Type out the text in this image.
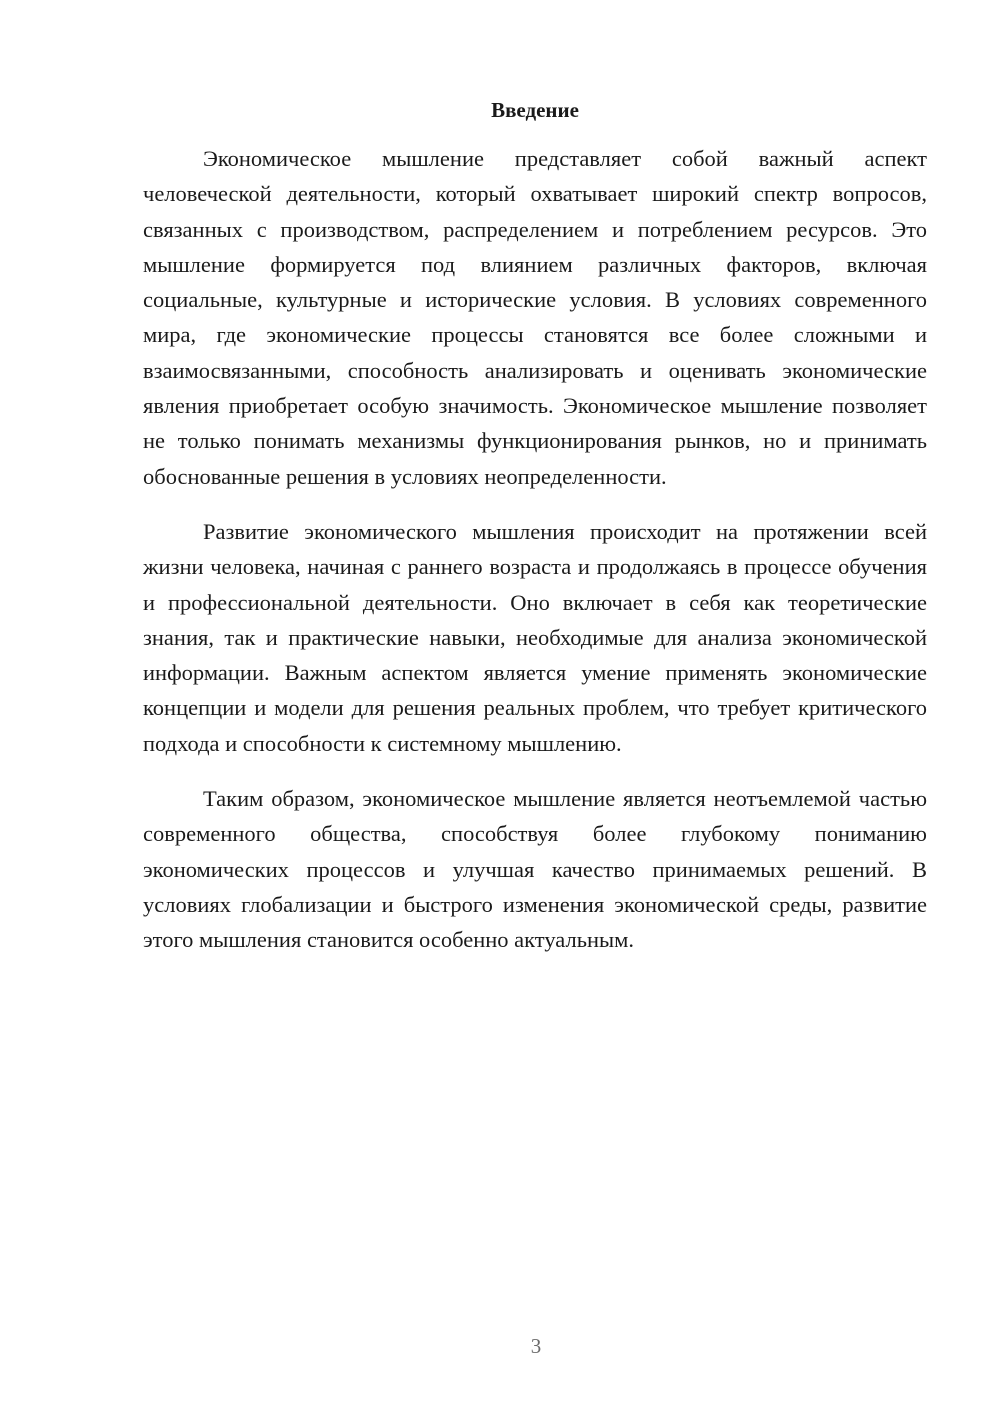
Введение

Экономическое мышление представляет собой важный аспект человеческой деятельности, который охватывает широкий спектр вопросов, связанных с производством, распределением и потреблением ресурсов. Это мышление формируется под влиянием различных факторов, включая социальные, культурные и исторические условия. В условиях современного мира, где экономические процессы становятся все более сложными и взаимосвязанными, способность анализировать и оценивать экономические явления приобретает особую значимость. Экономическое мышление позволяет не только понимать механизмы функционирования рынков, но и принимать обоснованные решения в условиях неопределенности.

Развитие экономического мышления происходит на протяжении всей жизни человека, начиная с раннего возраста и продолжаясь в процессе обучения и профессиональной деятельности. Оно включает в себя как теоретические знания, так и практические навыки, необходимые для анализа экономической информации. Важным аспектом является умение применять экономические концепции и модели для решения реальных проблем, что требует критического подхода и способности к системному мышлению.

Таким образом, экономическое мышление является неотъемлемой частью современного общества, способствуя более глубокому пониманию экономических процессов и улучшая качество принимаемых решений. В условиях глобализации и быстрого изменения экономической среды, развитие этого мышления становится особенно актуальным.

3
